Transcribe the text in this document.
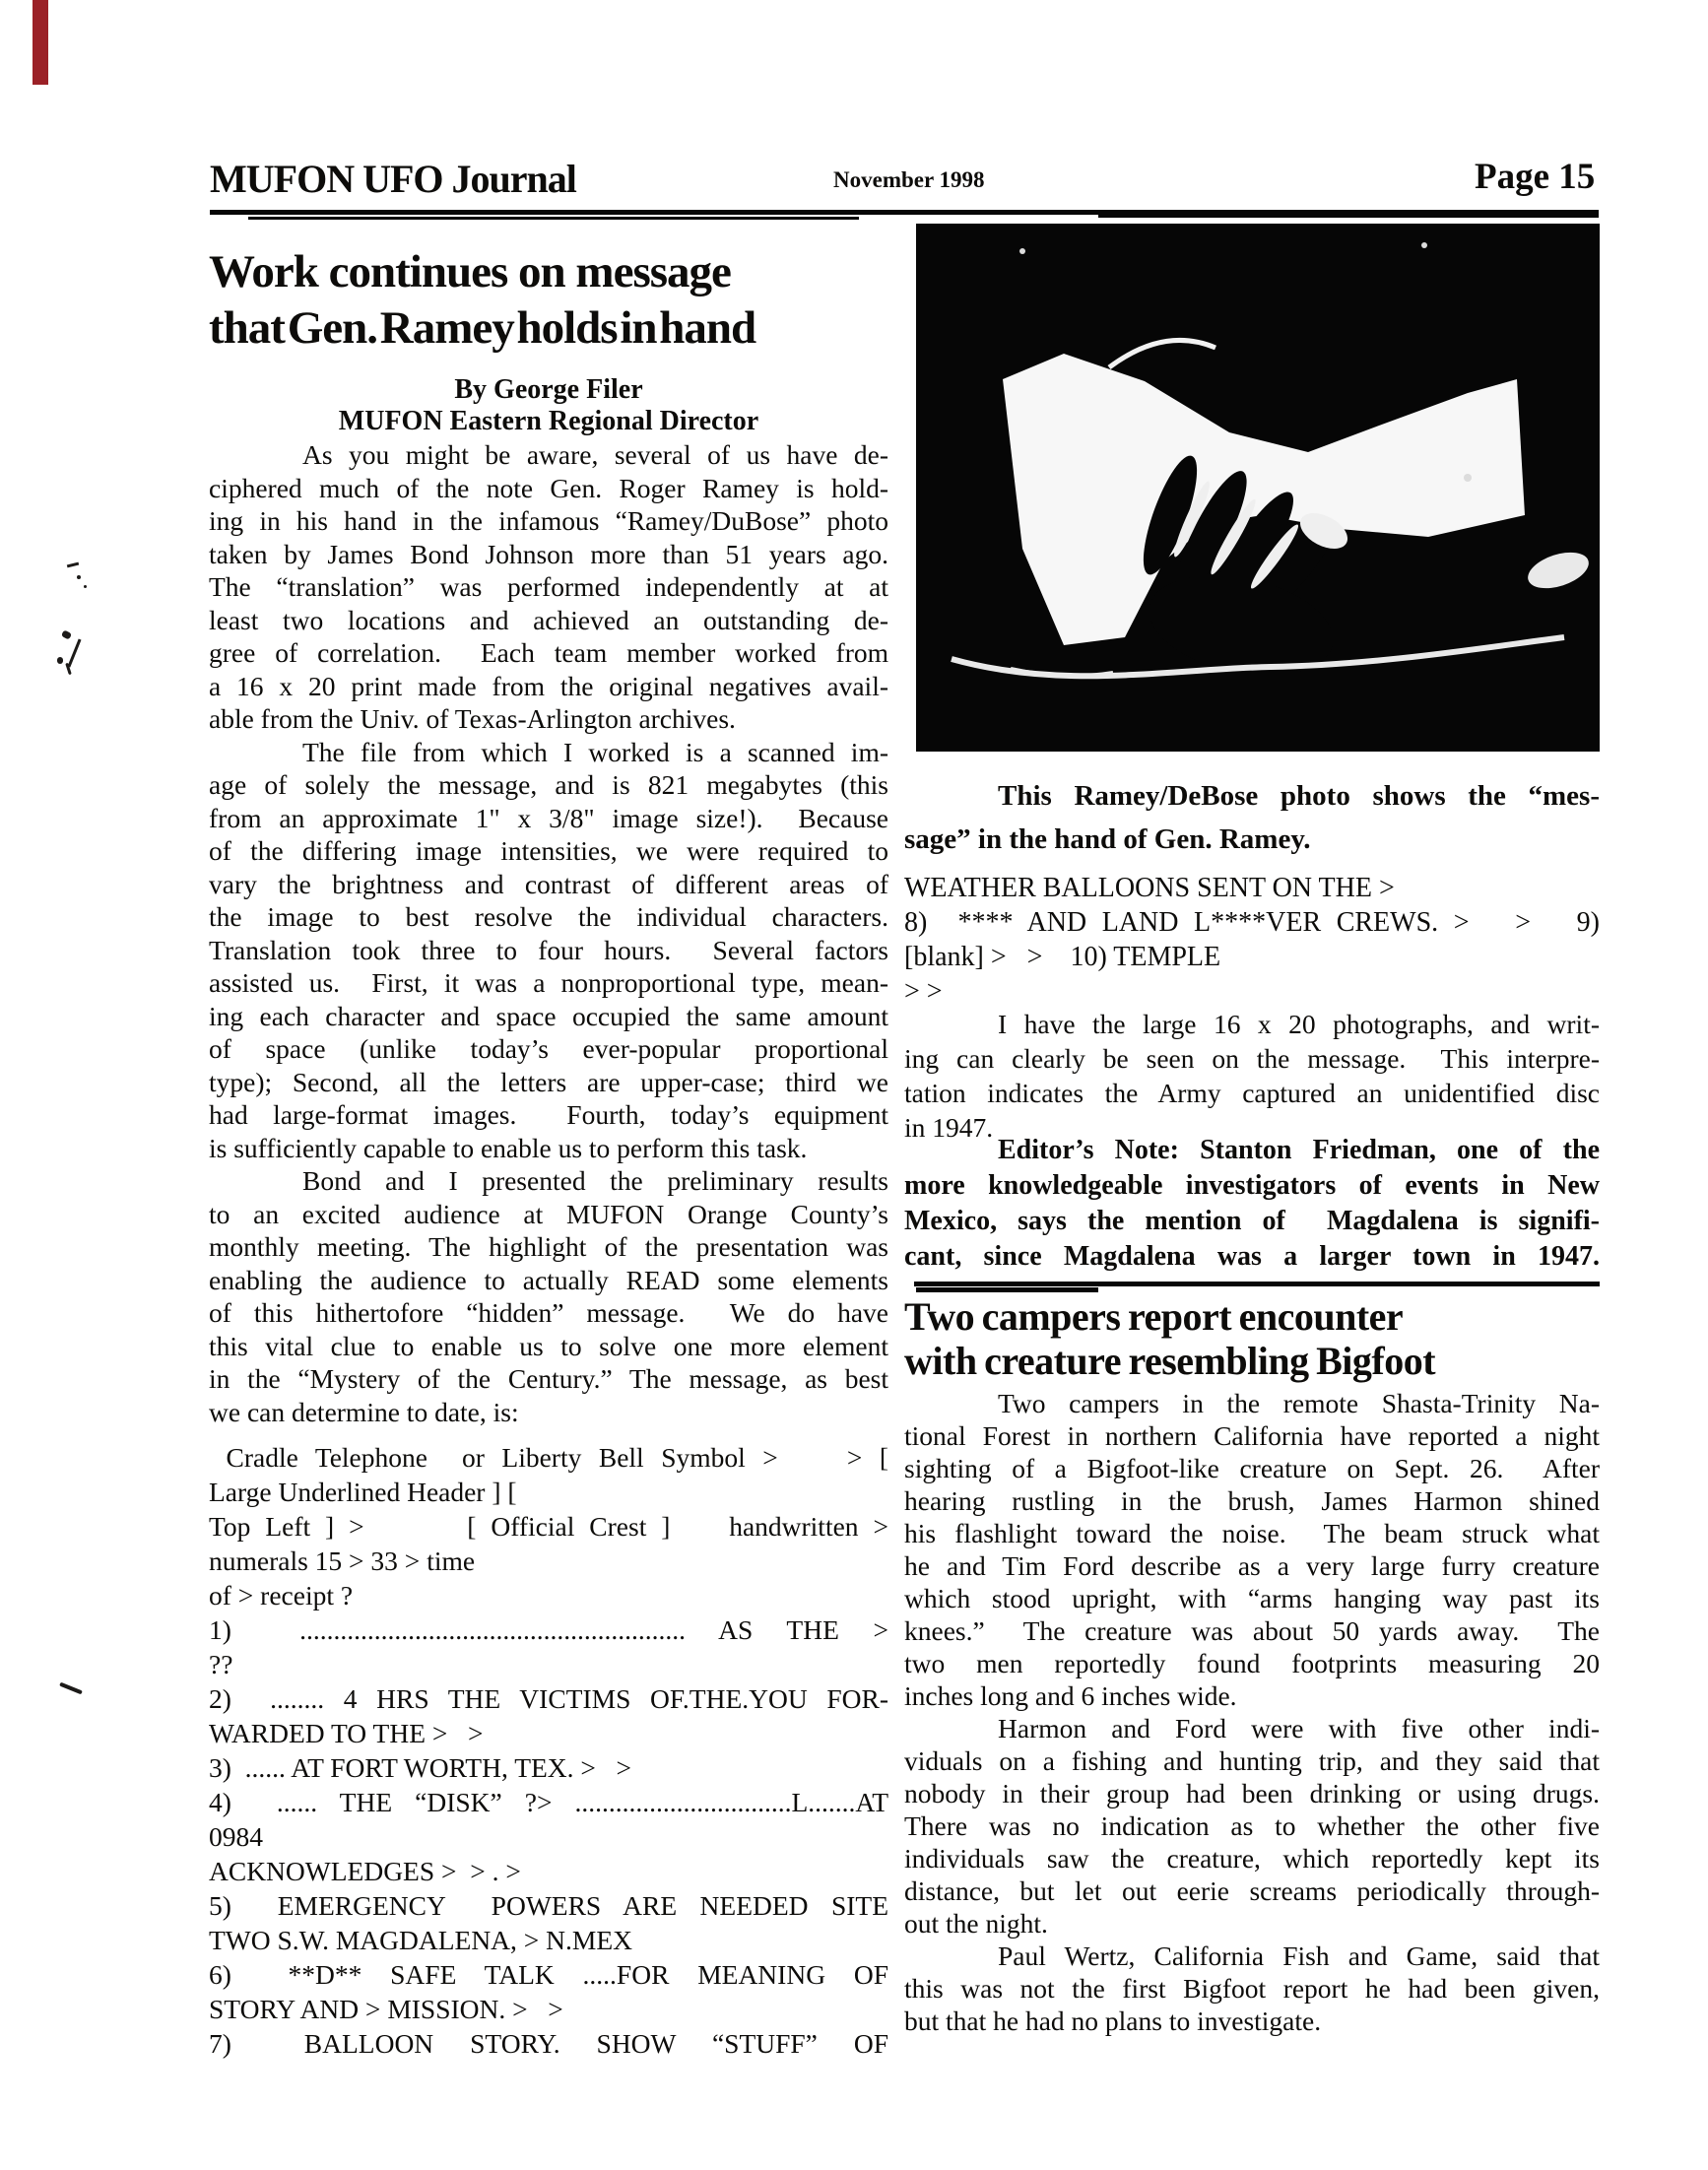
MUFON UFO Journal	November 1998	Page 15
Work continues on message
that Gen. Ramey holds in hand
By George Filer
MUFON Eastern Regional Director
As you might be aware, several of us have de-
ciphered much of the note Gen. Roger Ramey is hold-
ing in his hand in the infamous “Ramey/DuBose” photo
taken by James Bond Johnson more than 51 years ago.
The “translation” was performed independently at at
least two locations and achieved an outstanding de-
gree of correlation.  Each team member worked from
a 16 x 20 print made from the original negatives avail-
able from the Univ. of Texas-Arlington archives.
The file from which I worked is a scanned im-
age of solely the message, and is 821 megabytes (this
from an approximate 1" x 3/8" image size!).  Because
of the differing image intensities, we were required to
vary the brightness and contrast of different areas of
the image to best resolve the individual characters.
Translation took three to four hours.  Several factors
assisted us.  First, it was a nonproportional type, mean-
ing each character and space occupied the same amount
of space (unlike today’s ever-popular proportional
type); Second, all the letters are upper-case; third we
had large-format images.  Fourth, today’s equipment
is sufficiently capable to enable us to perform this task.
Bond and I presented the preliminary results
to an excited audience at MUFON Orange County’s
monthly meeting. The highlight of the presentation was
enabling the audience to actually READ some elements
of this hithertofore “hidden” message.  We do have
this vital clue to enable us to solve one more element
in the “Mystery of the Century.” The message, as best
we can determine to date, is:
Cradle Telephone  or Liberty Bell Symbol >    > [
Large Underlined Header ] [
Top Left ] >       [ Official Crest ]    handwritten >
numerals 15 > 33 > time
of > receipt ?
1)  ......................................................... AS THE >
??
2)  ........ 4 HRS THE VICTIMS OF.THE.YOU FOR-
WARDED TO THE >   >
3)  ...... AT FORT WORTH, TEX. >   >
4)  ...... THE “DISK” ?> ................................L.......AT
0984
ACKNOWLEDGES >  > . >
5)  EMERGENCY  POWERS ARE NEEDED SITE
TWO S.W. MAGDALENA, > N.MEX
6)  **D** SAFE TALK .....FOR MEANING OF
STORY AND > MISSION. >   >
7)  BALLOON STORY. SHOW “STUFF” OF
This Ramey/DeBose photo shows the “mes-
sage” in the hand of Gen. Ramey.
WEATHER BALLOONS SENT ON THE >
8)  **** AND LAND L****VER CREWS. >   >   9)
[blank] >   >    10) TEMPLE
> >
I have the large 16 x 20 photographs, and writ-
ing can clearly be seen on the message.  This interpre-
tation indicates the Army captured an unidentified disc
in 1947.
Editor’s Note: Stanton Friedman, one of the
more knowledgeable investigators of events in New
Mexico, says the mention of  Magdalena is signifi-
cant, since Magdalena was a larger town in 1947.
Two campers report encounter
with creature resembling Bigfoot
Two campers in the remote Shasta-Trinity Na-
tional Forest in northern California have reported a night
sighting of a Bigfoot-like creature on Sept. 26.  After
hearing rustling in the brush, James Harmon shined
his flashlight toward the noise.  The beam struck what
he and Tim Ford describe as a very large furry creature
which stood upright, with “arms hanging way past its
knees.”  The creature was about 50 yards away.  The
two men reportedly found footprints measuring 20
inches long and 6 inches wide.
Harmon and Ford were with five other indi-
viduals on a fishing and hunting trip, and they said that
nobody in their group had been drinking or using drugs.
There was no indication as to whether the other five
individuals saw the creature, which reportedly kept its
distance, but let out eerie screams periodically through-
out the night.
Paul Wertz, California Fish and Game, said that
this was not the first Bigfoot report he had been given,
but that he had no plans to investigate.
